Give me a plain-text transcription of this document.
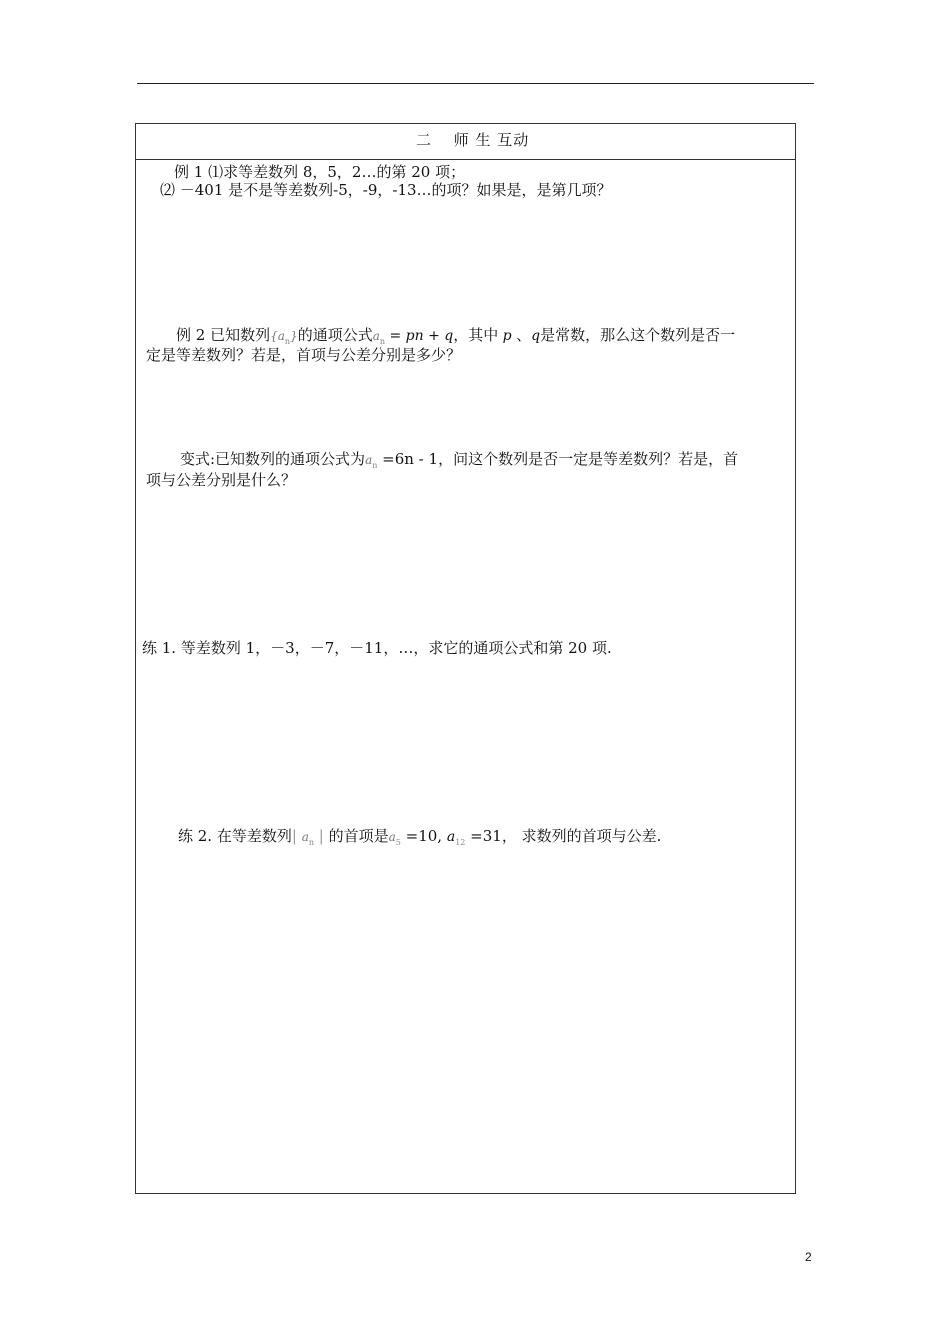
二　 师 生 互动
例 1 ⑴求等差数列 8，5，2…的第 20 项；
⑵ －401 是不是等差数列-5，-9，-13…的项？如果是，是第几项？
例 2 已知数列$\{a_n\}$的通项公式$a_n$ = pn + q，其中 p 、q是常数，那么这个数列是否一
定是等差数列？若是，首项与公差分别是多少？
变式:已知数列的通项公式为$a_n =6n - 1$，问这个数列是否一定是等差数列？若是，首
项与公差分别是什么？
练 1. 等差数列 1，－3，－7，－11，…，求它的通项公式和第 20 项.
练 2. 在等差数列| $a_n$ | 的首项是$a_5 =10$, $a_{12} =31$， 求数列的首项与公差.
2
